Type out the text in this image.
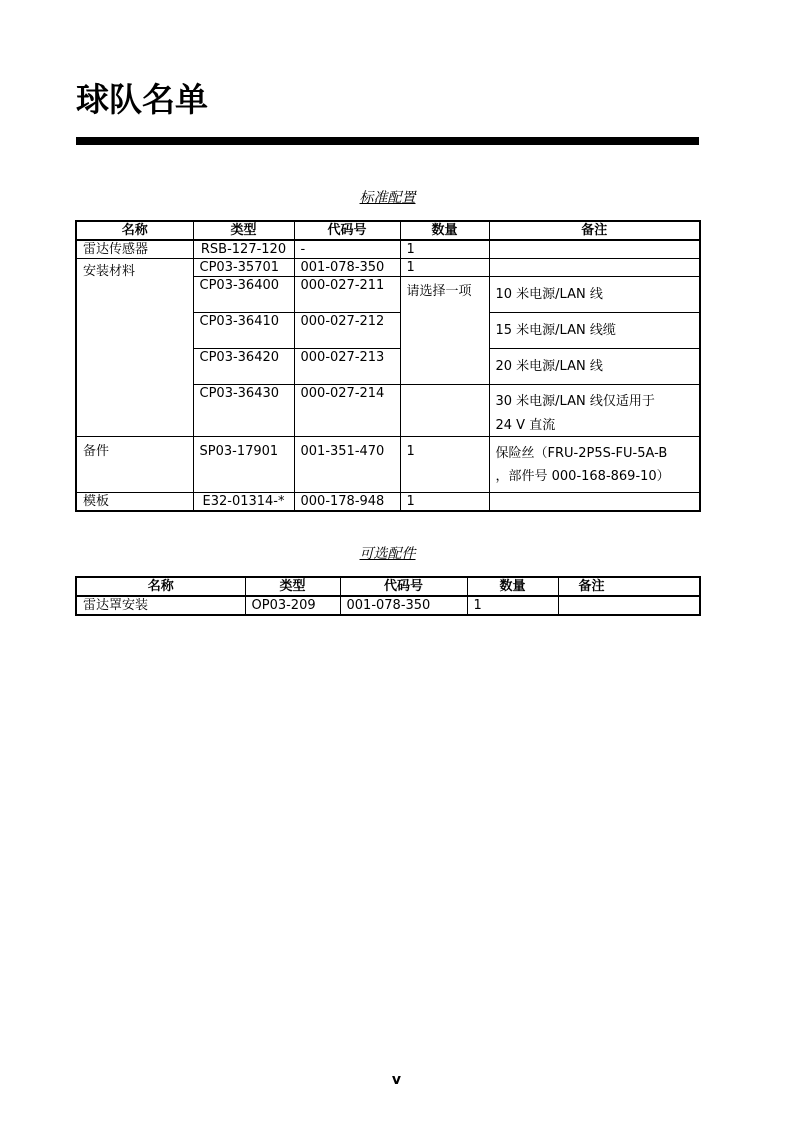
球队名单
标准配置
名称	类型	代码号	数量	备注
雷达传感器	RSB-127-120	-	1	
安装材料	CP03-35701	001-078-350	1	
	CP03-36400	000-027-211	请选择一项	10 米电源/LAN 线
	CP03-36410	000-027-212		15 米电源/LAN 线缆
	CP03-36420	000-027-213		20 米电源/LAN 线
	CP03-36430	000-027-214		30 米电源/LAN 线仅适用于
24 V 直流

备件	SP03-17901	001-351-470	1	保险丝（FRU-2P5S-FU-5A-B
，部件号 000-168-869-10）

模板	E32-01314-*	000-178-948	1	
可选配件
名称	类型	代码号	数量	备注
雷达罩安装	OP03-209	001-078-350	1	
v
